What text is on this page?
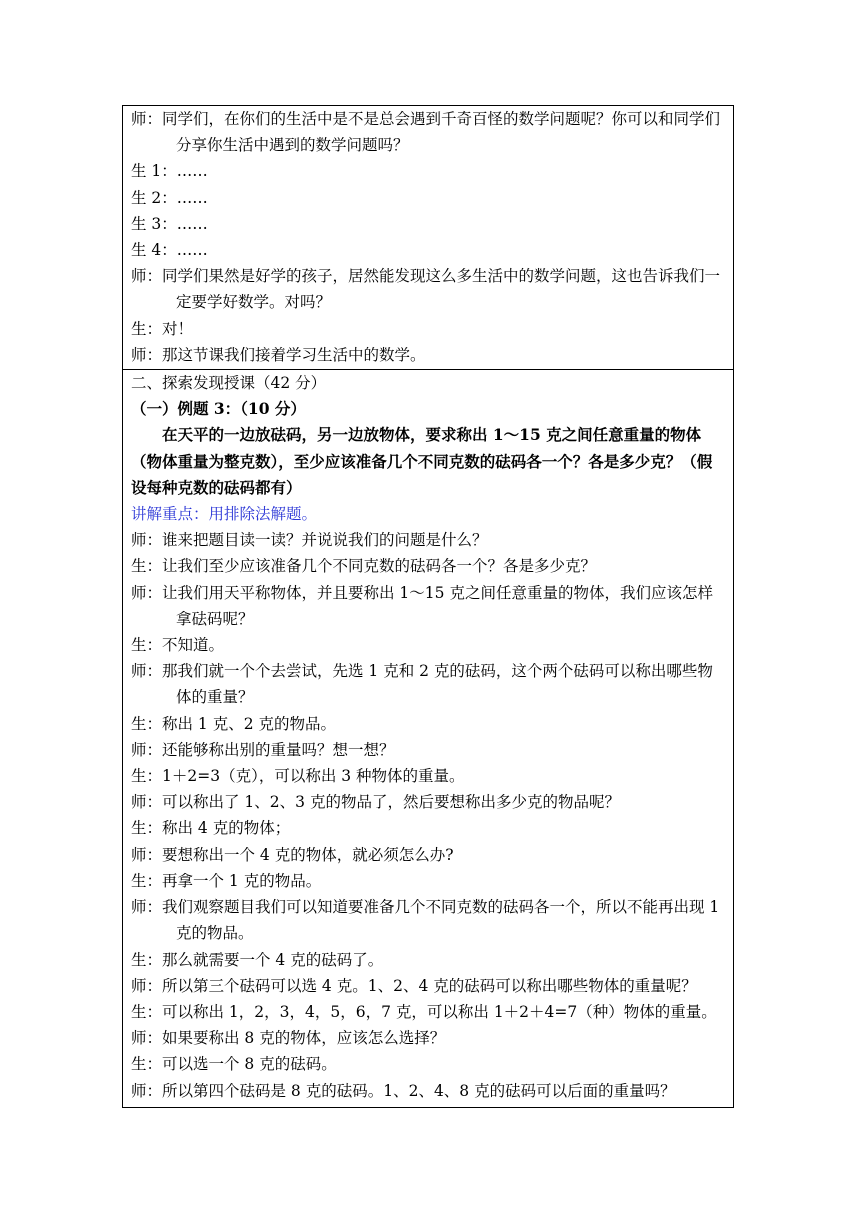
师：同学们，在你们的生活中是不是总会遇到千奇百怪的数学问题呢？你可以和同学们分享你生活中遇到的数学问题吗？
生 1：……
生 2：……
生 3：……
生 4：……
师：同学们果然是好学的孩子，居然能发现这么多生活中的数学问题，这也告诉我们一定要学好数学。对吗？
生：对！
师：那这节课我们接着学习生活中的数学。
二、探索发现授课（42 分）
（一）例题 3：（10 分）
在天平的一边放砝码，另一边放物体，要求称出 1～15 克之间任意重量的物体（物体重量为整克数），至少应该准备几个不同克数的砝码各一个？各是多少克？（假设每种克数的砝码都有）
讲解重点：用排除法解题。
师：谁来把题目读一读？并说说我们的问题是什么？
生：让我们至少应该准备几个不同克数的砝码各一个？各是多少克？
师：让我们用天平称物体，并且要称出 1～15 克之间任意重量的物体，我们应该怎样拿砝码呢？
生：不知道。
师：那我们就一个个去尝试，先选 1 克和 2 克的砝码，这个两个砝码可以称出哪些物体的重量？
生：称出 1 克、2 克的物品。
师：还能够称出别的重量吗？想一想？
生：1＋2=3（克），可以称出 3 种物体的重量。
师：可以称出了 1、2、3 克的物品了，然后要想称出多少克的物品呢？
生：称出 4 克的物体；
师：要想称出一个 4 克的物体，就必须怎么办?
生：再拿一个 1 克的物品。
师：我们观察题目我们可以知道要准备几个不同克数的砝码各一个，所以不能再出现 1 克的物品。
生：那么就需要一个 4 克的砝码了。
师：所以第三个砝码可以选 4 克。1、2、4 克的砝码可以称出哪些物体的重量呢？
生：可以称出 1，2，3，4，5，6，7 克，可以称出 1＋2＋4=7（种）物体的重量。
师：如果要称出 8 克的物体，应该怎么选择？
生：可以选一个 8 克的砝码。
师：所以第四个砝码是 8 克的砝码。1、2、4、8 克的砝码可以后面的重量吗？
